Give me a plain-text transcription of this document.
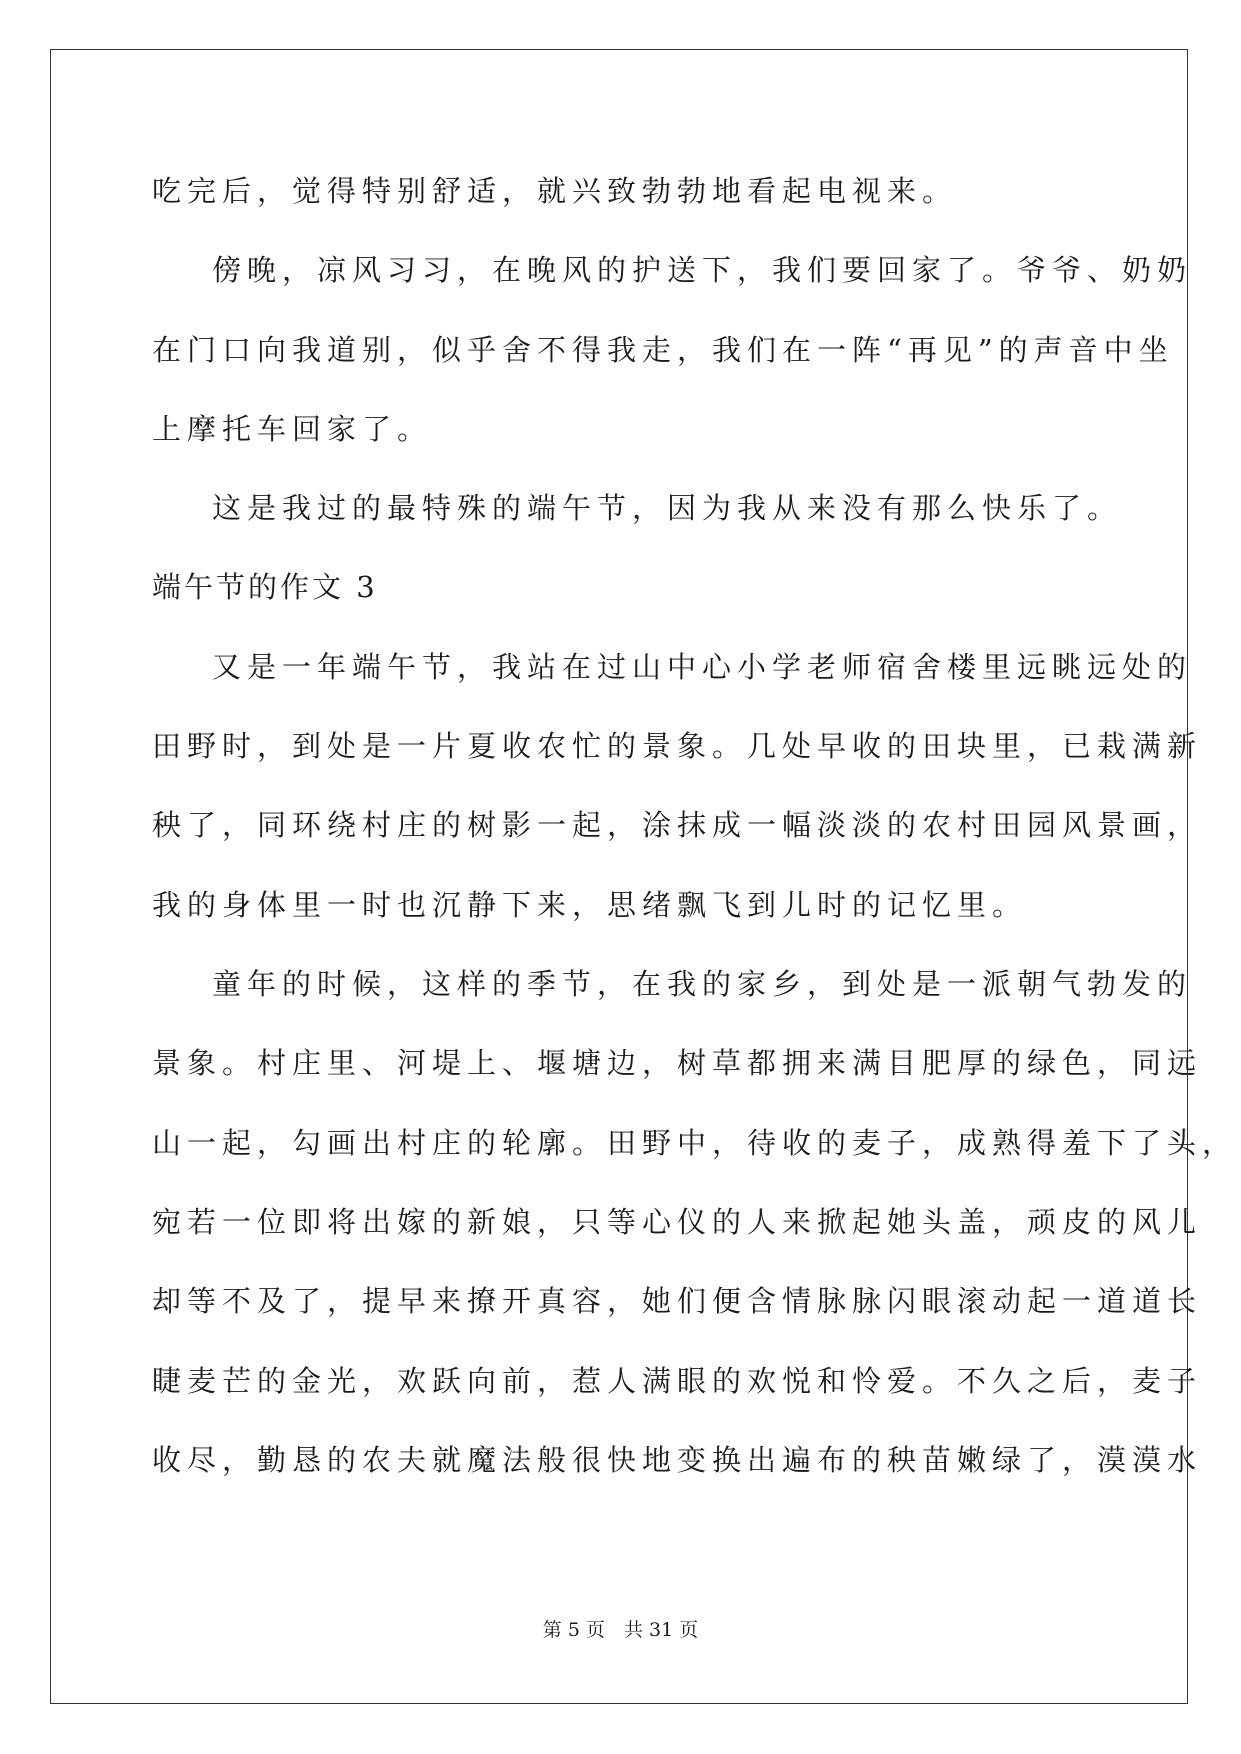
吃完后，觉得特别舒适，就兴致勃勃地看起电视来。
傍晚，凉风习习，在晚风的护送下，我们要回家了。爷爷、奶奶
在门口向我道别，似乎舍不得我走，我们在一阵“再见”的声音中坐
上摩托车回家了。
这是我过的最特殊的端午节，因为我从来没有那么快乐了。
端午节的作文 3
又是一年端午节，我站在过山中心小学老师宿舍楼里远眺远处的
田野时，到处是一片夏收农忙的景象。几处早收的田块里，已栽满新
秧了，同环绕村庄的树影一起，涂抹成一幅淡淡的农村田园风景画，
我的身体里一时也沉静下来，思绪飘飞到儿时的记忆里。
童年的时候，这样的季节，在我的家乡，到处是一派朝气勃发的
景象。村庄里、河堤上、堰塘边，树草都拥来满目肥厚的绿色，同远
山一起，勾画出村庄的轮廓。田野中，待收的麦子，成熟得羞下了头，
宛若一位即将出嫁的新娘，只等心仪的人来掀起她头盖，顽皮的风儿
却等不及了，提早来撩开真容，她们便含情脉脉闪眼滚动起一道道长
睫麦芒的金光，欢跃向前，惹人满眼的欢悦和怜爱。不久之后，麦子
收尽，勤恳的农夫就魔法般很快地变换出遍布的秧苗嫩绿了，漠漠水
第 5 页　共 31 页
